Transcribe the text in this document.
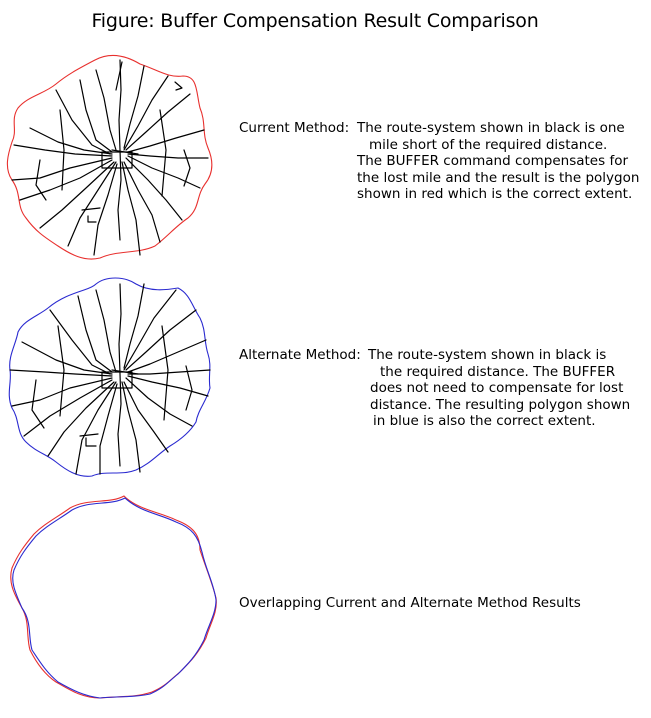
Figure: Buffer Compensation Result Comparison
Current Method: The route-system shown in black is one
mile short of the required distance.
The BUFFER command compensates for
the lost mile and the result is the polygon
shown in red which is the correct extent.
Alternate Method: The route-system shown in black is
the required distance. The BUFFER
does not need to compensate for lost
distance. The resulting polygon shown
in blue is also the correct extent.
Overlapping Current and Alternate Method Results
